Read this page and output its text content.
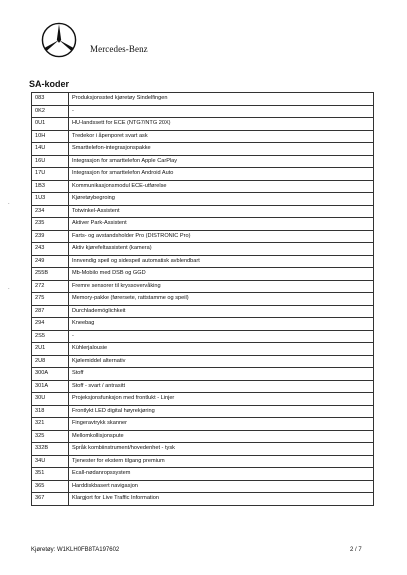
Mercedes-Benz
SA-koder
.
.
083	Produksjonssted kjøretøy Sindelfingen
0K2	-
0U1	HU-landssett for ECE (NTG7/NTG 20X)
10H	Tredekor i åpenporet svart ask
14U	Smarttelefon-integrasjonspakke
16U	Integrasjon for smarttelefon Apple CarPlay
17U	Integrasjon for smarttelefon Android Auto
1B3	Kommunikasjonsmodul ECE-utførelse
1U3	Kjøretøybegroing
234	Totwinkel-Assistent
235	Aktiver Park-Assistent
239	Farts- og avstandsholder Pro (DISTRONIC Pro)
243	Aktiv kjørefeltassistent (kamera)
249	Innvendig speil og sidespeil automatisk avblendbart
255B	Mb-Mobilo med DSB og GGD
272	Fremre sensorer til kryssovervåking
275	Memory-pakke (førersete, rattstamme og speil)
287	Durchlademöglichkeit
294	Kneebag
2S5	-
2U1	Kühlerjalousie
2U8	Kjølemiddel alternativ
300A	Stoff
301A	Stoff - svart / antrasitt
30U	Projeksjonsfunksjon med frontlukt - Linjer
318	Frontlykt LED digital høyrekjøring
321	Fingeravtrykk skanner
325	Mellomkollisjonspute
332B	Språk kombiinstrument/hovedenhet - tysk
34U	Tjenester for ekstern tilgang premium
351	Ecall-nødanropssystem
365	Harddiskbasert navigasjon
367	Klargjort for Live Traffic Information
Kjøretøy: W1KLH0FB8TA197602	2 / 7
